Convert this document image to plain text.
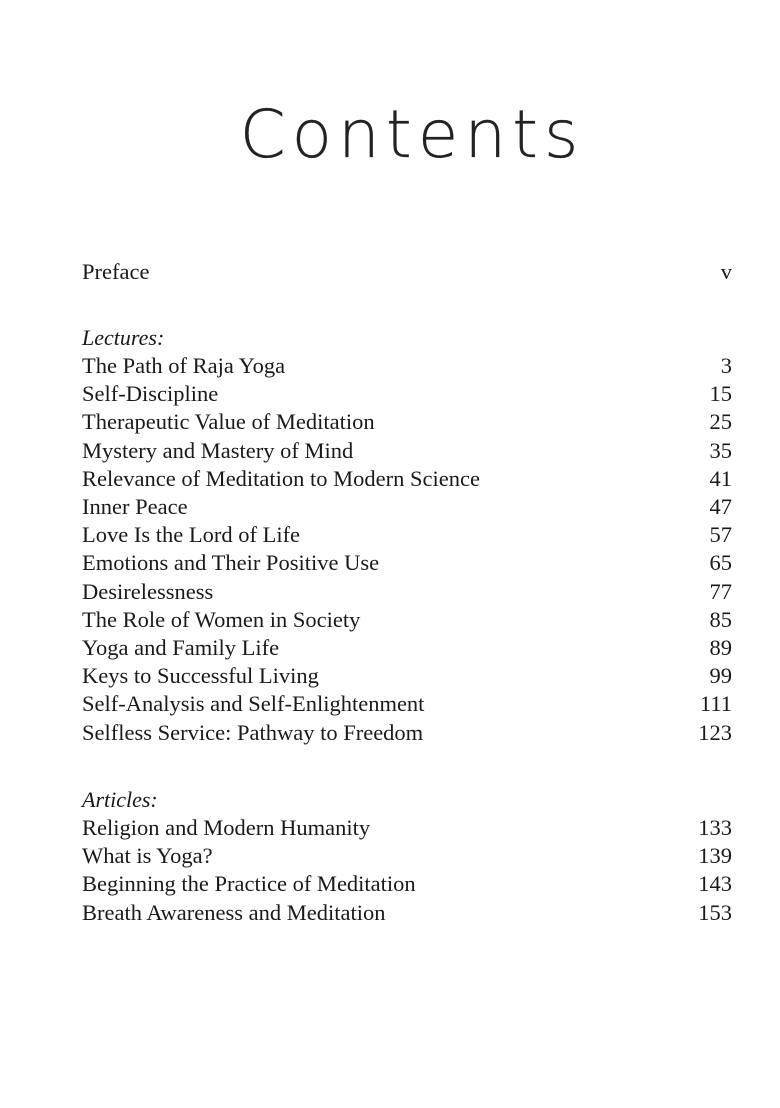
Contents
Preface	v
Lectures:
The Path of Raja Yoga	3
Self-Discipline	15
Therapeutic Value of Meditation	25
Mystery and Mastery of Mind	35
Relevance of Meditation to Modern Science	41
Inner Peace	47
Love Is the Lord of Life	57
Emotions and Their Positive Use	65
Desirelessness	77
The Role of Women in Society	85
Yoga and Family Life	89
Keys to Successful Living	99
Self-Analysis and Self-Enlightenment	111
Selfless Service: Pathway to Freedom	123
Articles:
Religion and Modern Humanity	133
What is Yoga?	139
Beginning the Practice of Meditation	143
Breath Awareness and Meditation	153
